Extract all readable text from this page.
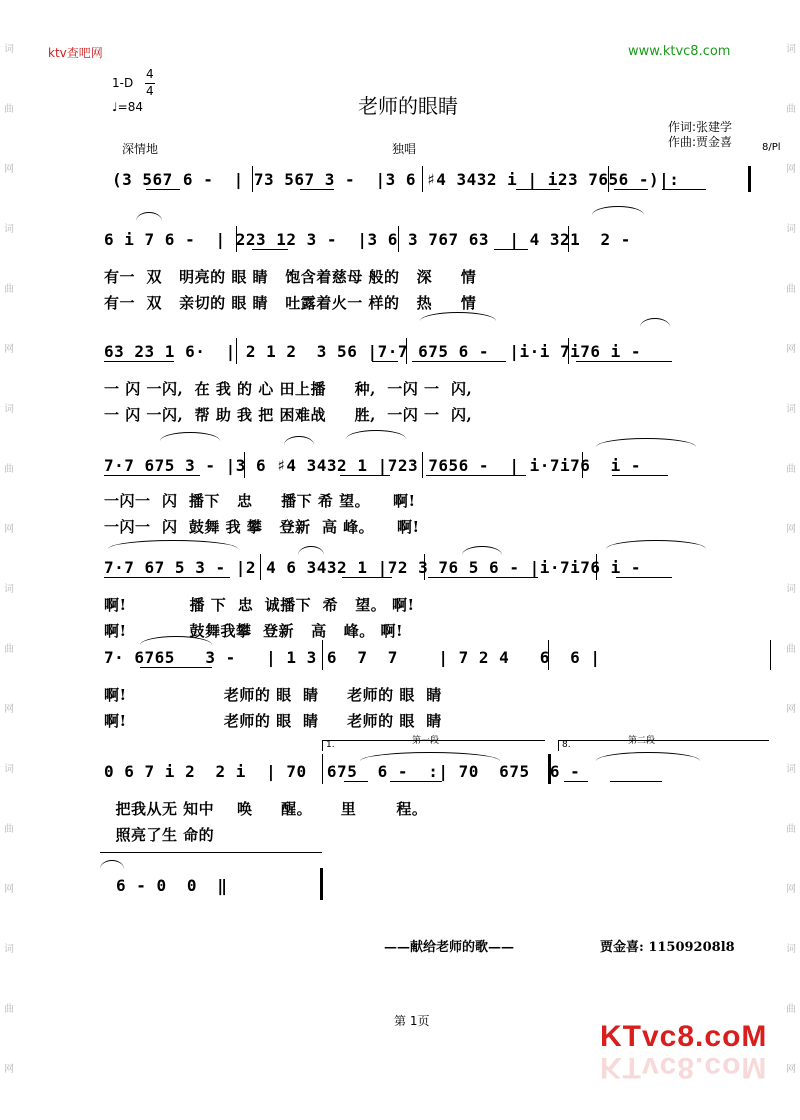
词
曲
网
词
曲
网
词
曲
网
词
曲
网
词
曲
网
词
曲
网
词
曲
网
词
曲
网
词
曲
网
词
曲
网
词
曲
网
词
曲
网
ktv查吧网	www.ktvc8.com
1-D
4
4
♩=84	老师的眼睛
作词:张建学
作曲:贾金喜	8/Pl
深情地	独唱
(3 567 6 -  | 73 567 3 -  |3 6 ♯4 3432 i | i23 7656 -)|:
6 i 7 6 -  | 223 12 3 -  |3 6 3 767 63  | 4 321  2 -
有一  双   明亮的 眼 睛   饱含着慈母 般的   深     情
有一  双   亲切的 眼 睛   吐露着火一 样的   热     情
63 23 1 6·  | 2 1 2  3 56 |7·7 675 6 -  |i·i 7i76 i -
一 闪 一闪,  在 我 的 心 田上播     种,  一闪 一  闪,
一 闪 一闪,  帮 助 我 把 困难战     胜,  一闪 一  闪,
7·7 675 3 - |3 6 ♯4 3432 1 |723 7656 -  | i·7i76  i -
一闪一  闪  播下   忠     播下 希 望。    啊!
一闪一  闪  鼓舞 我 攀   登新  高 峰。    啊!
7·7 67 5 3 - |2 4 6 3432 1 |72 3 76 5 6 - |i·7i76 i -
啊!           播 下  忠  诚播下  希   望。 啊!
啊!           鼓舞我攀  登新   高   峰。 啊!
7· 6765   3 -   | 1 3 6  7  7    | 7 2 4   6  6 |
啊!                 老师的 眼  睛     老师的 眼  睛
啊!                 老师的 眼  睛     老师的 眼  睛
1.	第一段	8.	第二段
0 6 7 i 2  2 i  | 70  675  6 -  :| 70  675  6 -
把我从无 知中    唤     醒。     里       程。
照亮了生 命的
6 - 0  0  ‖
——献给老师的歌——	贾金喜: 11509208l8
第 1页	KTvc8.coM
KTvc8.coM
